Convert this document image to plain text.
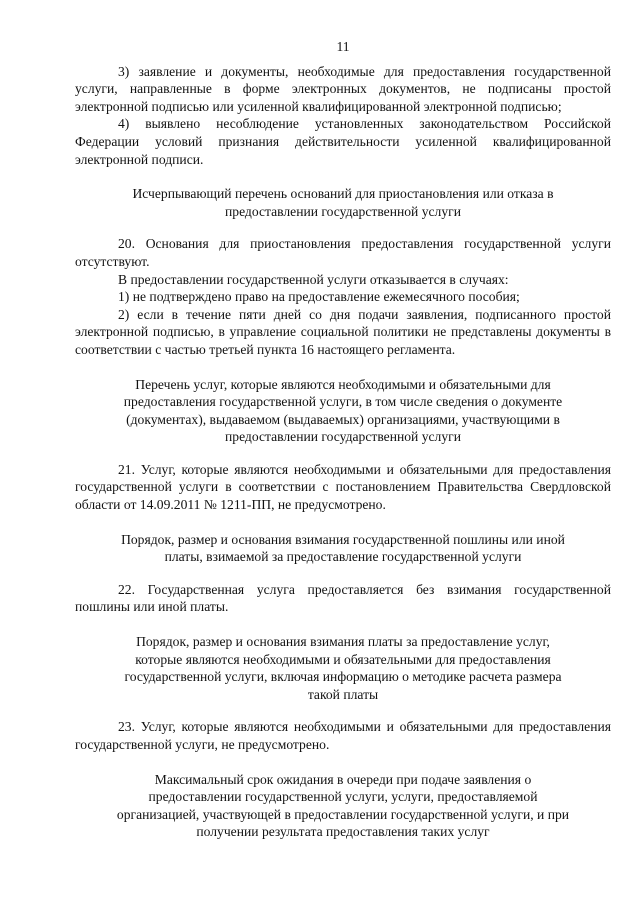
11

3) заявление и документы, необходимые для предоставления государственной услуги, направленные в форме электронных документов, не подписаны простой электронной подписью или усиленной квалифицированной электронной подписью;

4) выявлено несоблюдение установленных законодательством Российской Федерации условий признания действительности усиленной квалифицированной электронной подписи.

Исчерпывающий перечень оснований для приостановления или отказа в предоставлении государственной услуги

20. Основания для приостановления предоставления государственной услуги отсутствуют.

В предоставлении государственной услуги отказывается в случаях:

1) не подтверждено право на предоставление ежемесячного пособия;

2) если в течение пяти дней со дня подачи заявления, подписанного простой электронной подписью, в управление социальной политики не представлены документы в соответствии с частью третьей пункта 16 настоящего регламента.

Перечень услуг, которые являются необходимыми и обязательными для предоставления государственной услуги, в том числе сведения о документе (документах), выдаваемом (выдаваемых) организациями, участвующими в предоставлении государственной услуги

21. Услуг, которые являются необходимыми и обязательными для предоставления государственной услуги в соответствии с постановлением Правительства Свердловской области от 14.09.2011 № 1211-ПП, не предусмотрено.

Порядок, размер и основания взимания государственной пошлины или иной платы, взимаемой за предоставление государственной услуги

22. Государственная услуга предоставляется без взимания государственной пошлины или иной платы.

Порядок, размер и основания взимания платы за предоставление услуг, которые являются необходимыми и обязательными для предоставления государственной услуги, включая информацию о методике расчета размера такой платы

23. Услуг, которые являются необходимыми и обязательными для предоставления государственной услуги, не предусмотрено.

Максимальный срок ожидания в очереди при подаче заявления о предоставлении государственной услуги, услуги, предоставляемой организацией, участвующей в предоставлении государственной услуги, и при получении результата предоставления таких услуг
